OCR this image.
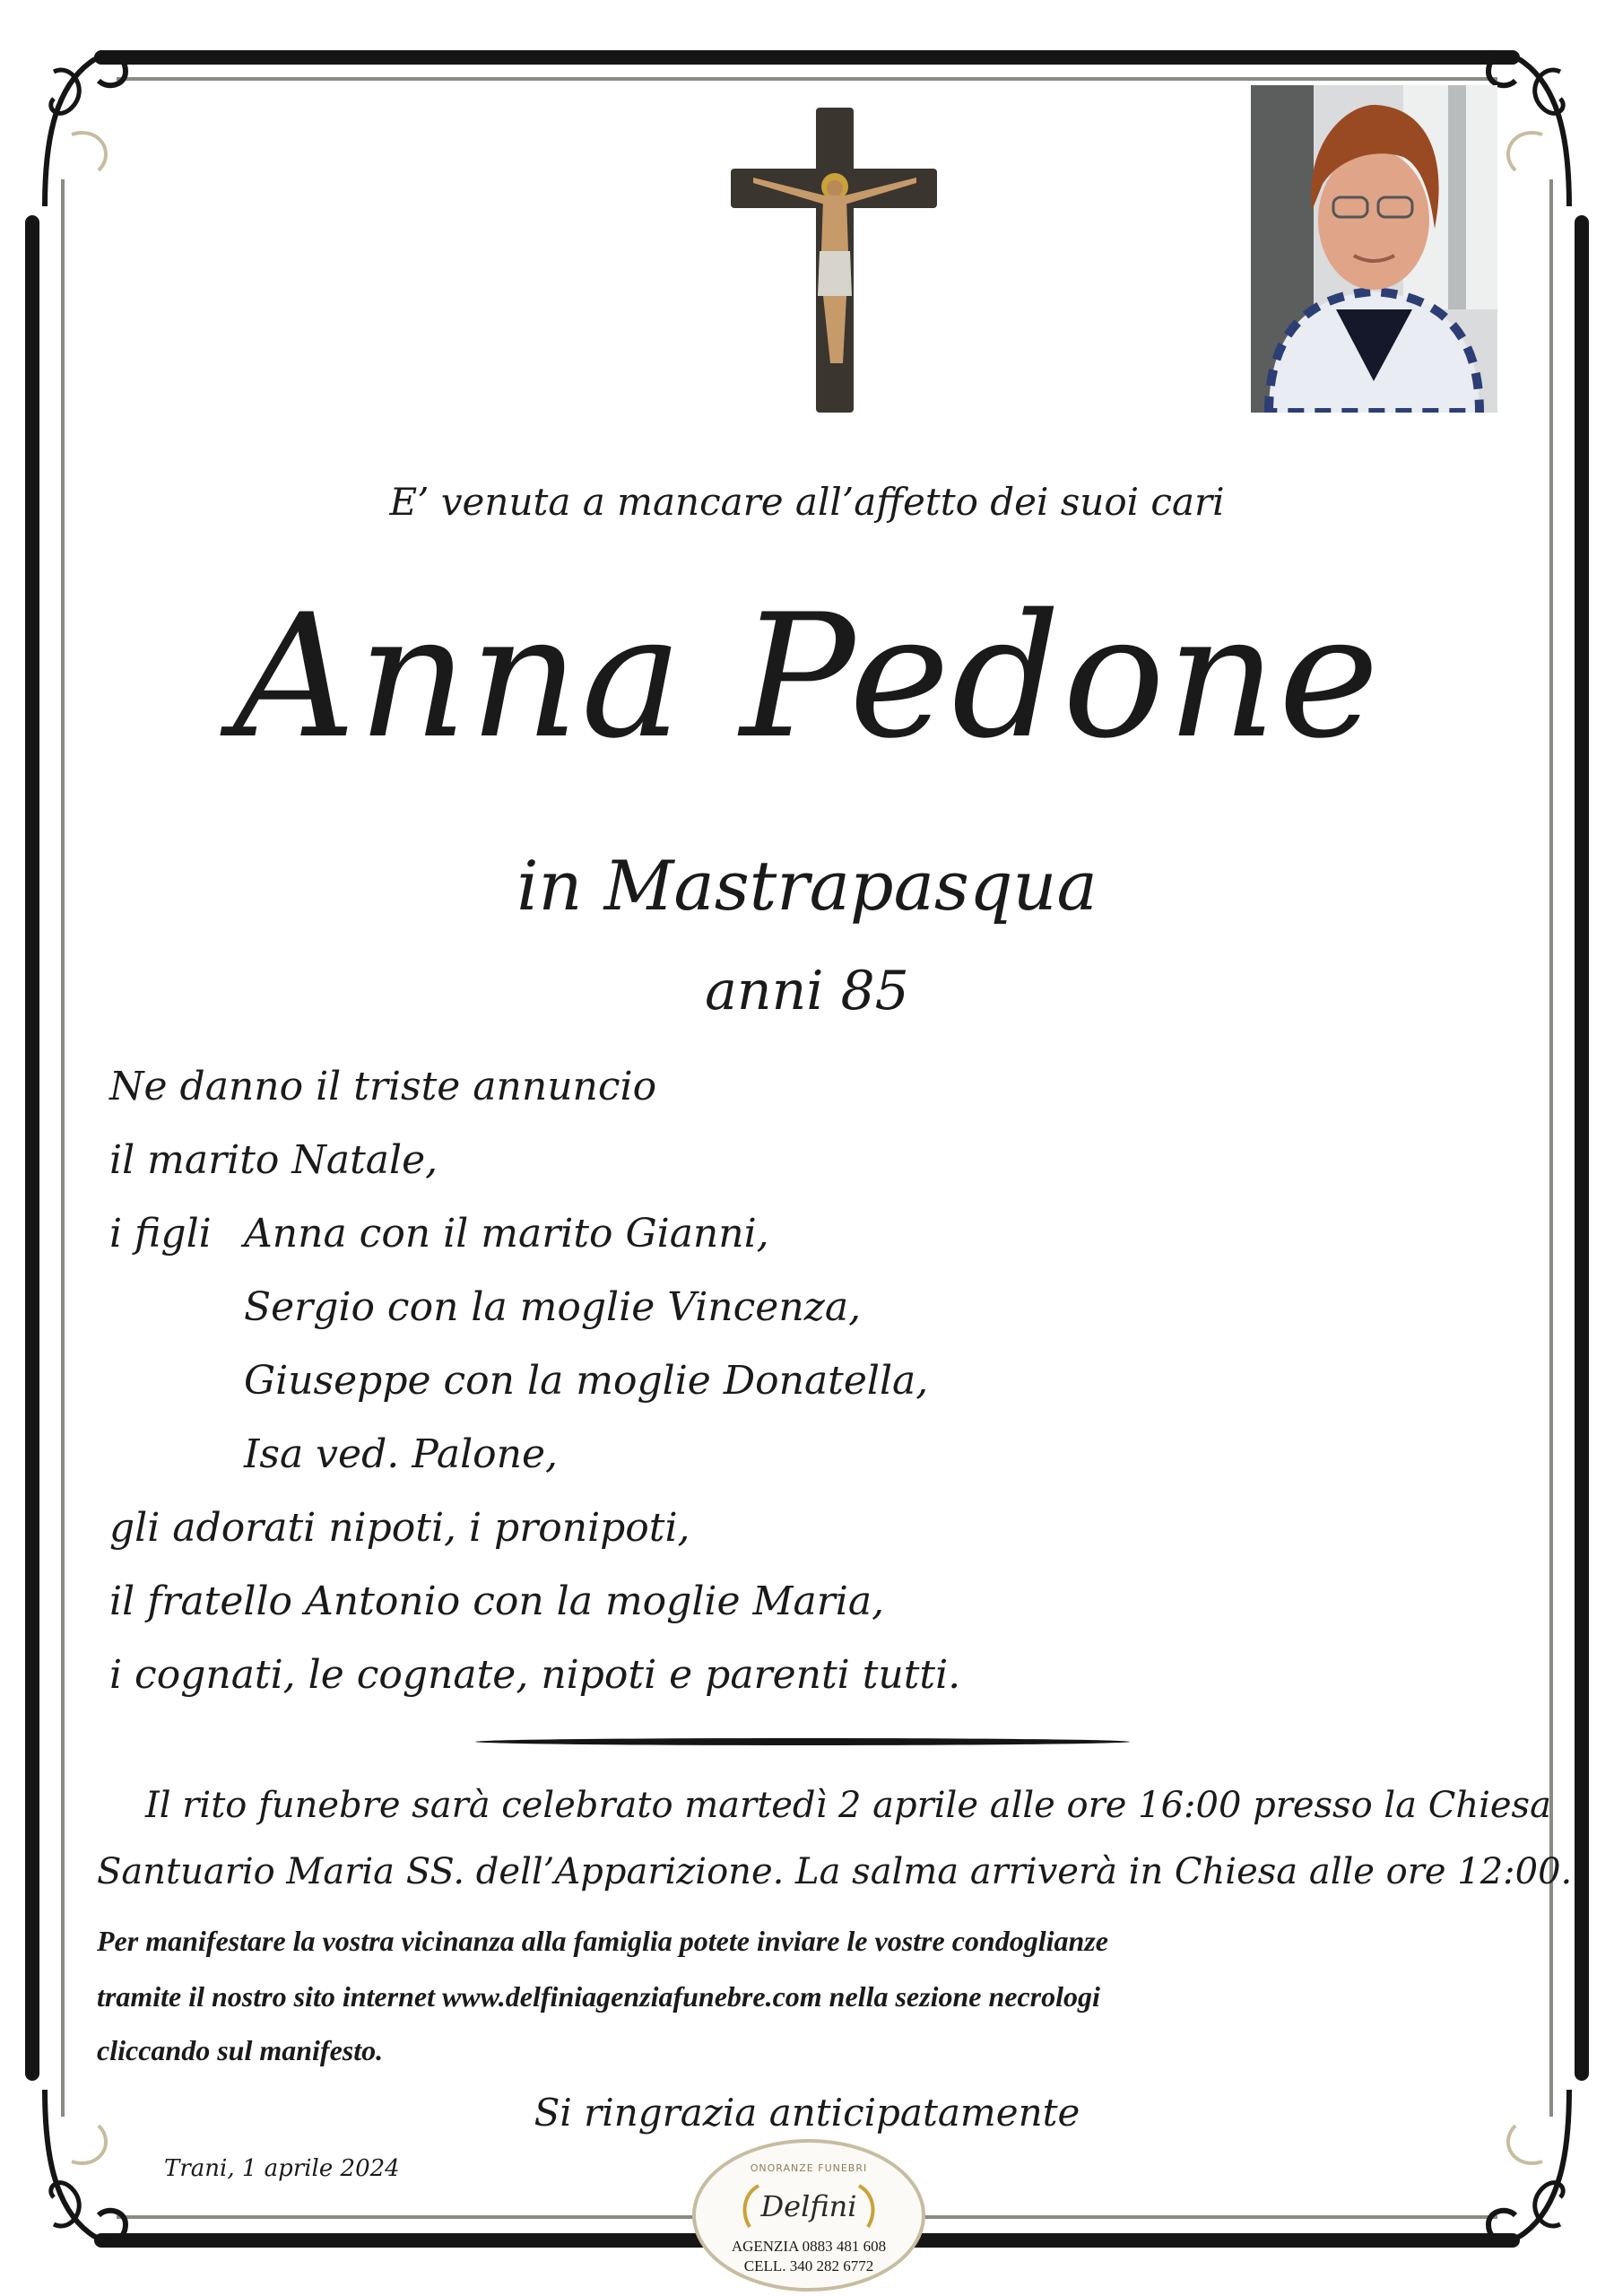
E’ venuta a mancare all’affetto dei suoi cari
Anna Pedone
in Mastrapasqua
anni 85
Ne danno il triste annuncio
il marito Natale,
i figli Anna con il marito Gianni,
Sergio con la moglie Vincenza,
Giuseppe con la moglie Donatella,
Isa ved. Palone,
gli adorati nipoti, i pronipoti,
il fratello Antonio con la moglie Maria,
i cognati, le cognate, nipoti e parenti tutti.
Il rito funebre sarà celebrato martedì 2 aprile alle ore 16:00 presso la Chiesa
Santuario Maria SS. dell’Apparizione. La salma arriverà in Chiesa alle ore 12:00.
Per manifestare la vostra vicinanza alla famiglia potete inviare le vostre condoglianze
tramite il nostro sito internet www.delfiniagenziafunebre.com nella sezione necrologi
cliccando sul manifesto.
Si ringrazia anticipatamente
Trani, 1 aprile 2024	ONORANZE FUNEBRI
Delfini
AGENZIA 0883 481 608
CELL. 340 282 6772
